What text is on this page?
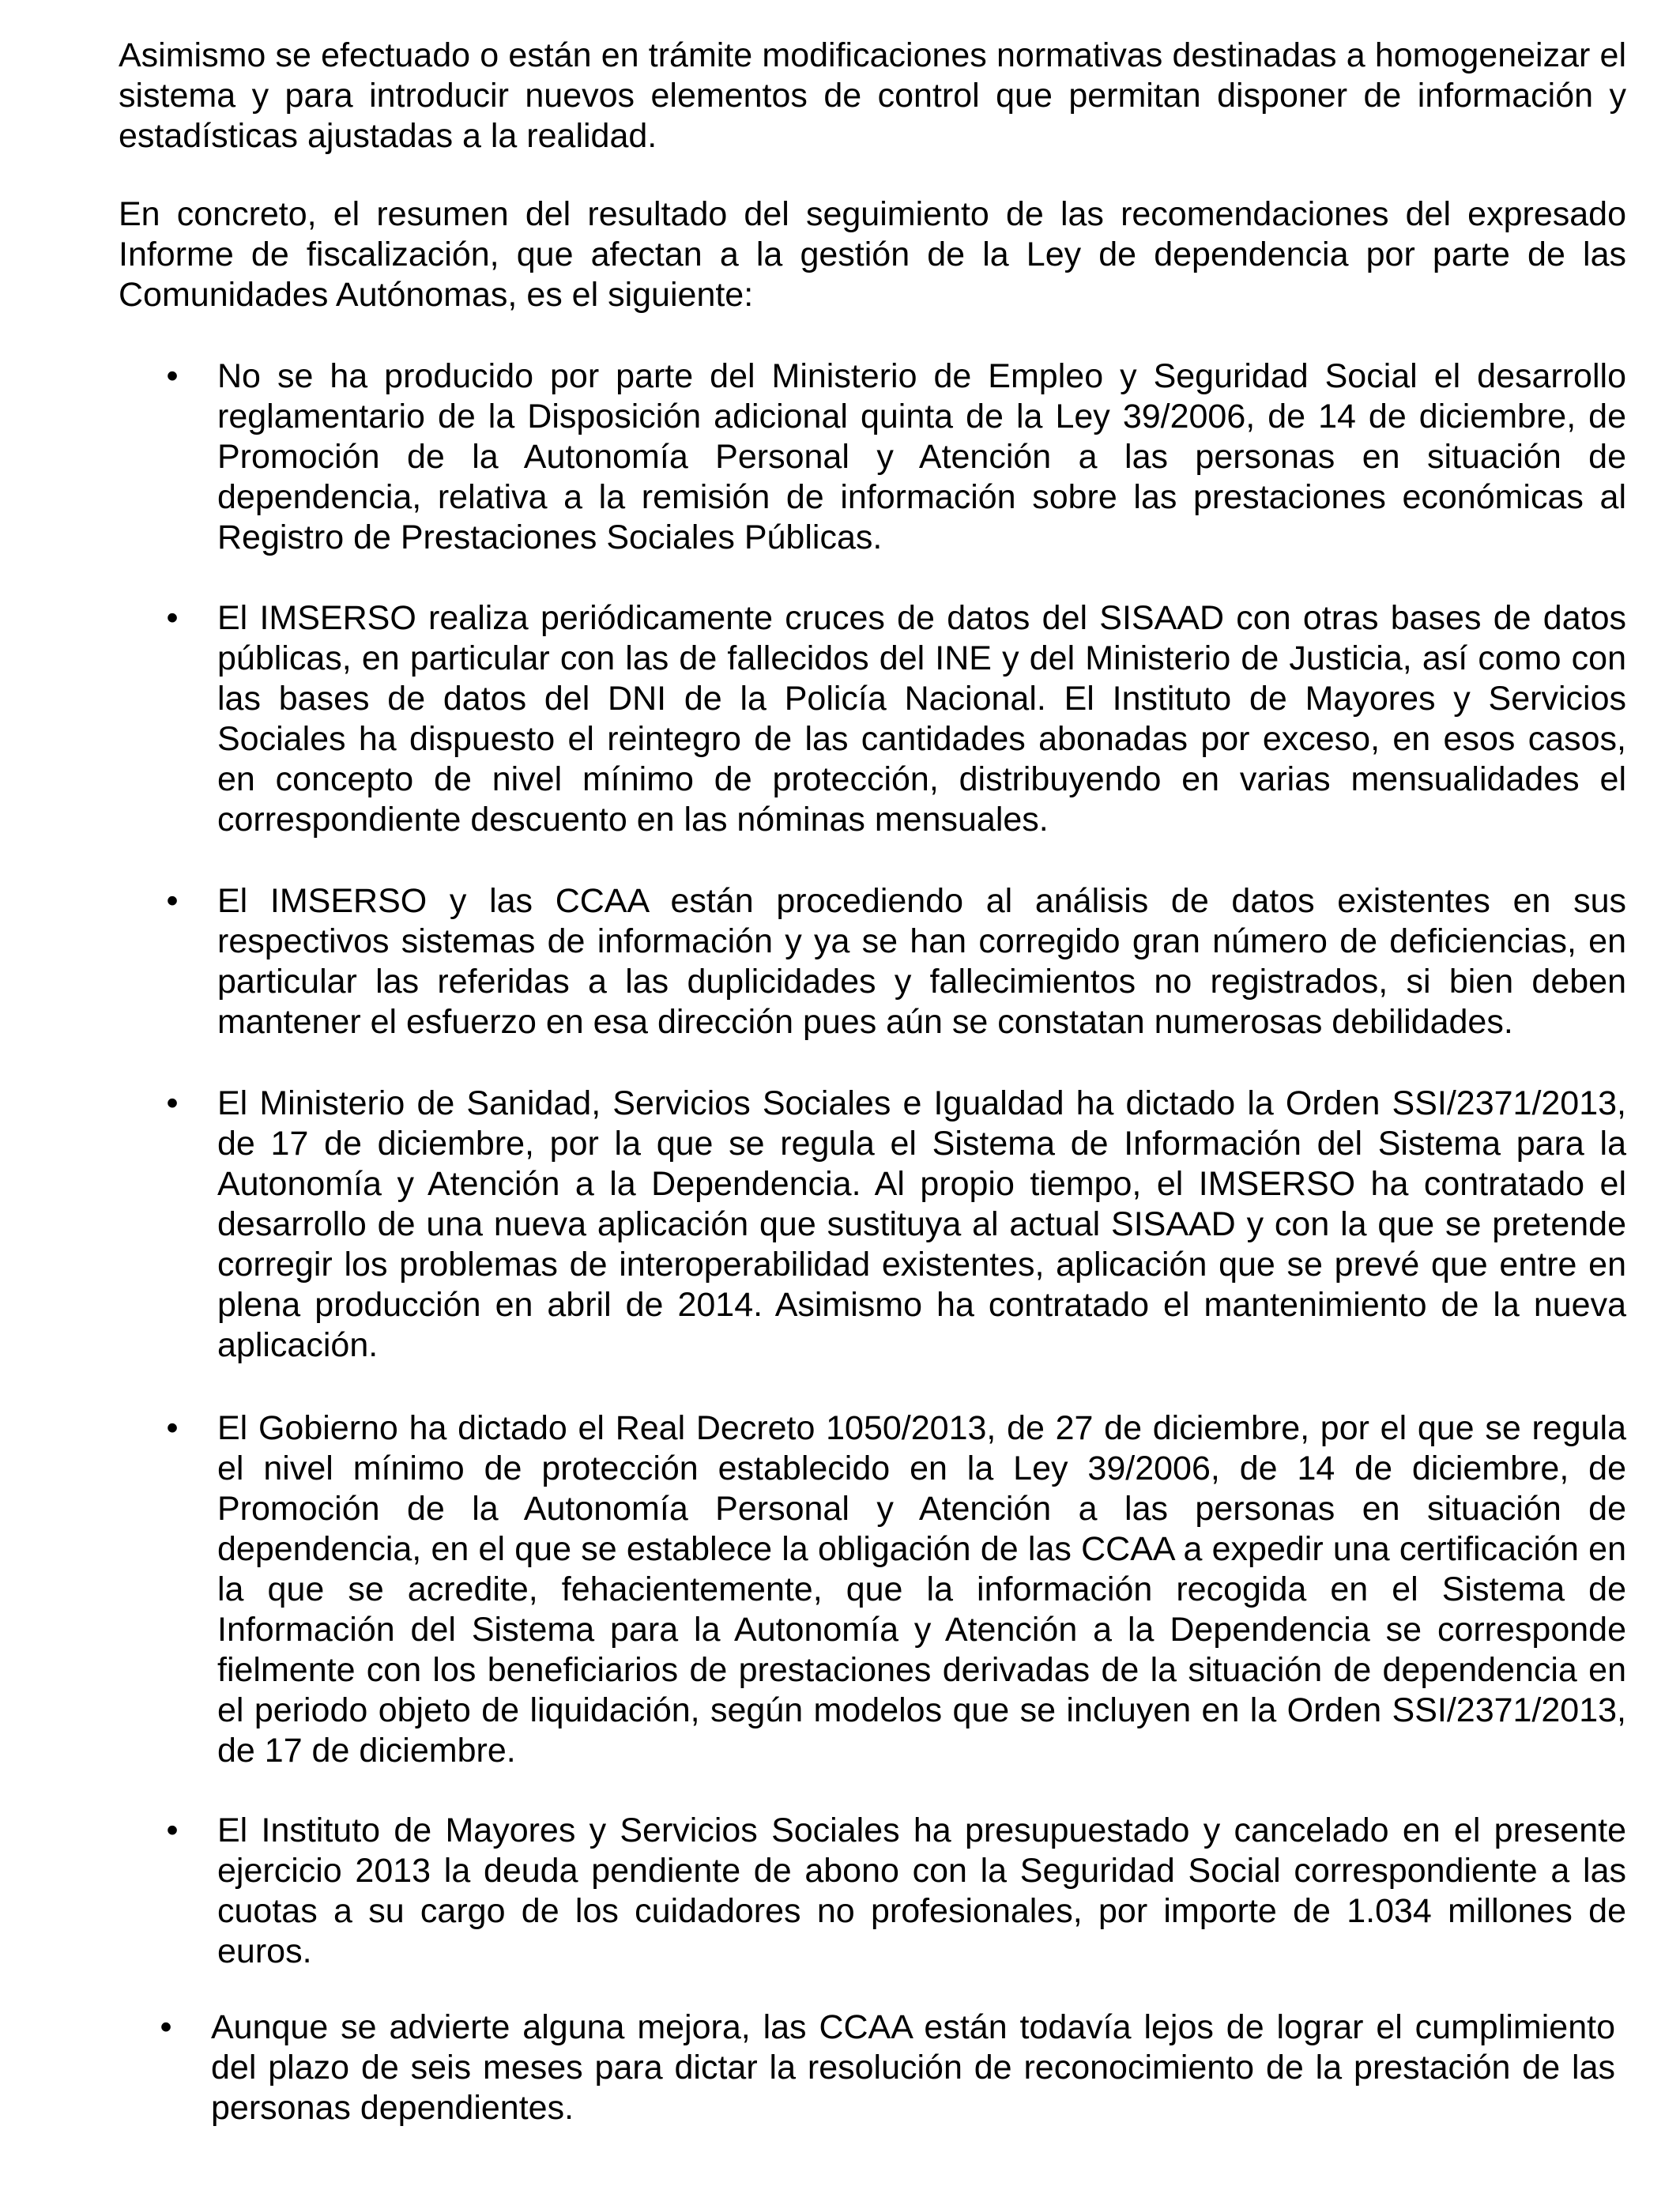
Asimismo se efectuado o están en trámite modificaciones normativas destinadas a homogeneizar el sistema y para introducir nuevos elementos de control que permitan disponer de información y estadísticas ajustadas a la realidad.

En concreto, el resumen del resultado del seguimiento de las recomendaciones del expresado Informe de fiscalización, que afectan a la gestión de la Ley de dependencia por parte de las Comunidades Autónomas, es el siguiente:

• No se ha producido por parte del Ministerio de Empleo y Seguridad Social el desarrollo reglamentario de la Disposición adicional quinta de la Ley 39/2006, de 14 de diciembre, de Promoción de la Autonomía Personal y Atención a las personas en situación de dependencia, relativa a la remisión de información sobre las prestaciones económicas al Registro de Prestaciones Sociales Públicas.

• El IMSERSO realiza periódicamente cruces de datos del SISAAD con otras bases de datos públicas, en particular con las de fallecidos del INE y del Ministerio de Justicia, así como con las bases de datos del DNI de la Policía Nacional. El Instituto de Mayores y Servicios Sociales ha dispuesto el reintegro de las cantidades abonadas por exceso, en esos casos, en concepto de nivel mínimo de protección, distribuyendo en varias mensualidades el correspondiente descuento en las nóminas mensuales.

• El IMSERSO y las CCAA están procediendo al análisis de datos existentes en sus respectivos sistemas de información y ya se han corregido gran número de deficiencias, en particular las referidas a las duplicidades y fallecimientos no registrados, si bien deben mantener el esfuerzo en esa dirección pues aún se constatan numerosas debilidades.

• El Ministerio de Sanidad, Servicios Sociales e Igualdad ha dictado la Orden SSI/2371/2013, de 17 de diciembre, por la que se regula el Sistema de Información del Sistema para la Autonomía y Atención a la Dependencia. Al propio tiempo, el IMSERSO ha contratado el desarrollo de una nueva aplicación que sustituya al actual SISAAD y con la que se pretende corregir los problemas de interoperabilidad existentes, aplicación que se prevé que entre en plena producción en abril de 2014. Asimismo ha contratado el mantenimiento de la nueva aplicación.

• El Gobierno ha dictado el Real Decreto 1050/2013, de 27 de diciembre, por el que se regula el nivel mínimo de protección establecido en la Ley 39/2006, de 14 de diciembre, de Promoción de la Autonomía Personal y Atención a las personas en situación de dependencia, en el que se establece la obligación de las CCAA a expedir una certificación en la que se acredite, fehacientemente, que la información recogida en el Sistema de Información del Sistema para la Autonomía y Atención a la Dependencia se corresponde fielmente con los beneficiarios de prestaciones derivadas de la situación de dependencia en el periodo objeto de liquidación, según modelos que se incluyen en la Orden SSI/2371/2013, de 17 de diciembre.

• El Instituto de Mayores y Servicios Sociales ha presupuestado y cancelado en el presente ejercicio 2013 la deuda pendiente de abono con la Seguridad Social correspondiente a las cuotas a su cargo de los cuidadores no profesionales, por importe de 1.034 millones de euros.

• Aunque se advierte alguna mejora, las CCAA están todavía lejos de lograr el cumplimiento del plazo de seis meses para dictar la resolución de reconocimiento de la prestación de las personas dependientes.
